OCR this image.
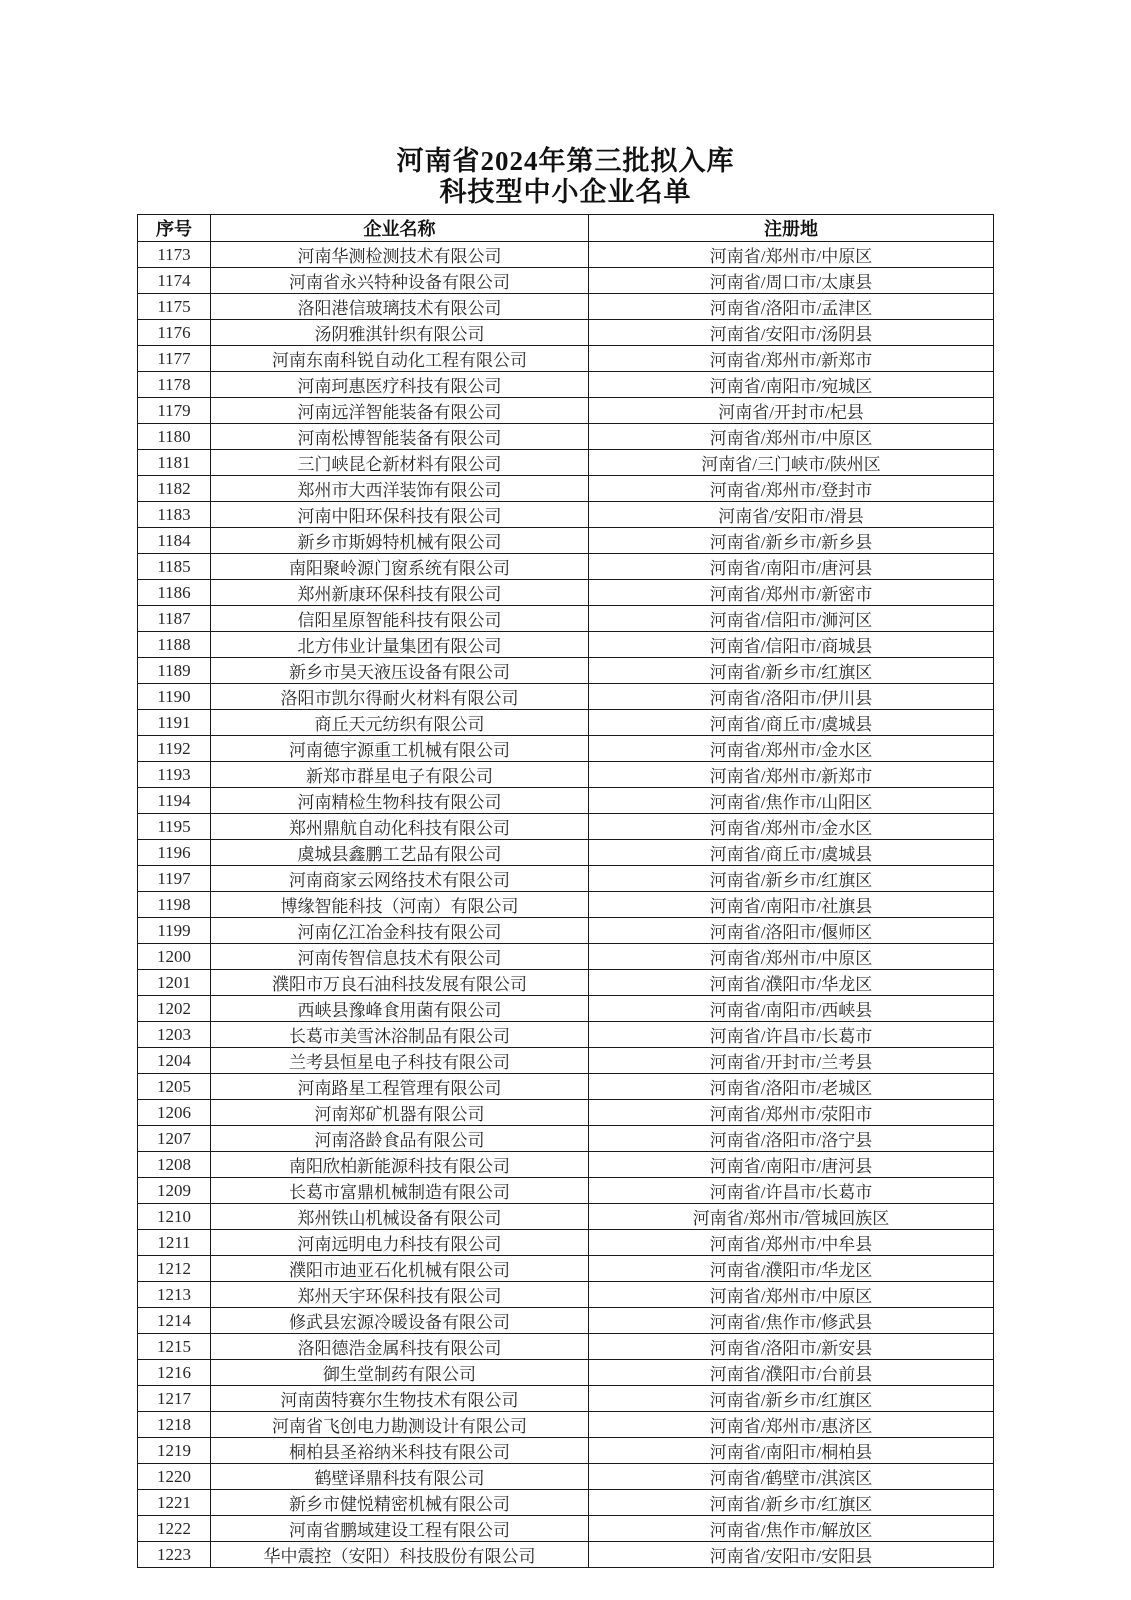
河南省2024年第三批拟入库
科技型中小企业名单
序号	企业名称	注册地
1173	河南华测检测技术有限公司	河南省/郑州市/中原区
1174	河南省永兴特种设备有限公司	河南省/周口市/太康县
1175	洛阳港信玻璃技术有限公司	河南省/洛阳市/孟津区
1176	汤阴雅淇针织有限公司	河南省/安阳市/汤阴县
1177	河南东南科锐自动化工程有限公司	河南省/郑州市/新郑市
1178	河南珂惠医疗科技有限公司	河南省/南阳市/宛城区
1179	河南远洋智能装备有限公司	河南省/开封市/杞县
1180	河南松博智能装备有限公司	河南省/郑州市/中原区
1181	三门峡昆仑新材料有限公司	河南省/三门峡市/陕州区
1182	郑州市大西洋装饰有限公司	河南省/郑州市/登封市
1183	河南中阳环保科技有限公司	河南省/安阳市/滑县
1184	新乡市斯姆特机械有限公司	河南省/新乡市/新乡县
1185	南阳聚岭源门窗系统有限公司	河南省/南阳市/唐河县
1186	郑州新康环保科技有限公司	河南省/郑州市/新密市
1187	信阳星原智能科技有限公司	河南省/信阳市/浉河区
1188	北方伟业计量集团有限公司	河南省/信阳市/商城县
1189	新乡市昊天液压设备有限公司	河南省/新乡市/红旗区
1190	洛阳市凯尔得耐火材料有限公司	河南省/洛阳市/伊川县
1191	商丘天元纺织有限公司	河南省/商丘市/虞城县
1192	河南德宇源重工机械有限公司	河南省/郑州市/金水区
1193	新郑市群星电子有限公司	河南省/郑州市/新郑市
1194	河南精检生物科技有限公司	河南省/焦作市/山阳区
1195	郑州鼎航自动化科技有限公司	河南省/郑州市/金水区
1196	虞城县鑫鹏工艺品有限公司	河南省/商丘市/虞城县
1197	河南商家云网络技术有限公司	河南省/新乡市/红旗区
1198	博缘智能科技（河南）有限公司	河南省/南阳市/社旗县
1199	河南亿江冶金科技有限公司	河南省/洛阳市/偃师区
1200	河南传智信息技术有限公司	河南省/郑州市/中原区
1201	濮阳市万良石油科技发展有限公司	河南省/濮阳市/华龙区
1202	西峡县豫峰食用菌有限公司	河南省/南阳市/西峡县
1203	长葛市美雪沐浴制品有限公司	河南省/许昌市/长葛市
1204	兰考县恒星电子科技有限公司	河南省/开封市/兰考县
1205	河南路星工程管理有限公司	河南省/洛阳市/老城区
1206	河南郑矿机器有限公司	河南省/郑州市/荥阳市
1207	河南洛龄食品有限公司	河南省/洛阳市/洛宁县
1208	南阳欣柏新能源科技有限公司	河南省/南阳市/唐河县
1209	长葛市富鼎机械制造有限公司	河南省/许昌市/长葛市
1210	郑州铁山机械设备有限公司	河南省/郑州市/管城回族区
1211	河南远明电力科技有限公司	河南省/郑州市/中牟县
1212	濮阳市迪亚石化机械有限公司	河南省/濮阳市/华龙区
1213	郑州天宇环保科技有限公司	河南省/郑州市/中原区
1214	修武县宏源冷暖设备有限公司	河南省/焦作市/修武县
1215	洛阳德浩金属科技有限公司	河南省/洛阳市/新安县
1216	御生堂制药有限公司	河南省/濮阳市/台前县
1217	河南茵特赛尔生物技术有限公司	河南省/新乡市/红旗区
1218	河南省飞创电力勘测设计有限公司	河南省/郑州市/惠济区
1219	桐柏县圣裕纳米科技有限公司	河南省/南阳市/桐柏县
1220	鹤壁译鼎科技有限公司	河南省/鹤壁市/淇滨区
1221	新乡市健悦精密机械有限公司	河南省/新乡市/红旗区
1222	河南省鹏域建设工程有限公司	河南省/焦作市/解放区
1223	华中震控（安阳）科技股份有限公司	河南省/安阳市/安阳县
